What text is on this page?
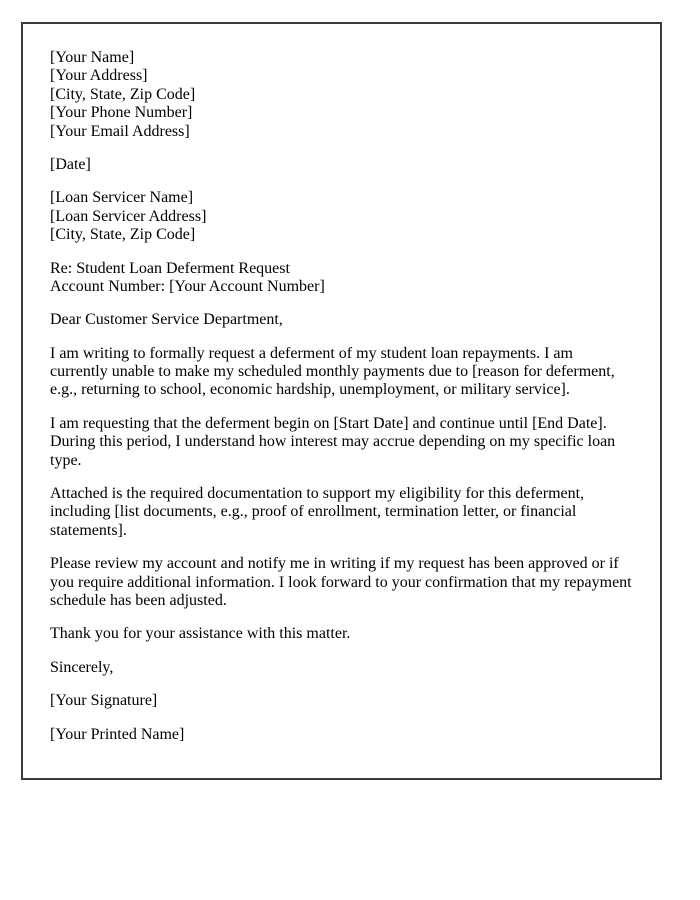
[Your Name]
[Your Address]
[City, State, Zip Code]
[Your Phone Number]
[Your Email Address]
[Date]
[Loan Servicer Name]
[Loan Servicer Address]
[City, State, Zip Code]
Re: Student Loan Deferment Request
Account Number: [Your Account Number]

Dear Customer Service Department,

I am writing to formally request a deferment of my student loan repayments. I am currently unable to make my scheduled monthly payments due to [reason for deferment, e.g., returning to school, economic hardship, unemployment, or military service].

I am requesting that the deferment begin on [Start Date] and continue until [End Date]. During this period, I understand how interest may accrue depending on my specific loan type.

Attached is the required documentation to support my eligibility for this deferment, including [list documents, e.g., proof of enrollment, termination letter, or financial statements].

Please review my account and notify me in writing if my request has been approved or if you require additional information. I look forward to your confirmation that my repayment schedule has been adjusted.

Thank you for your assistance with this matter.

Sincerely,

[Your Signature]

[Your Printed Name]
